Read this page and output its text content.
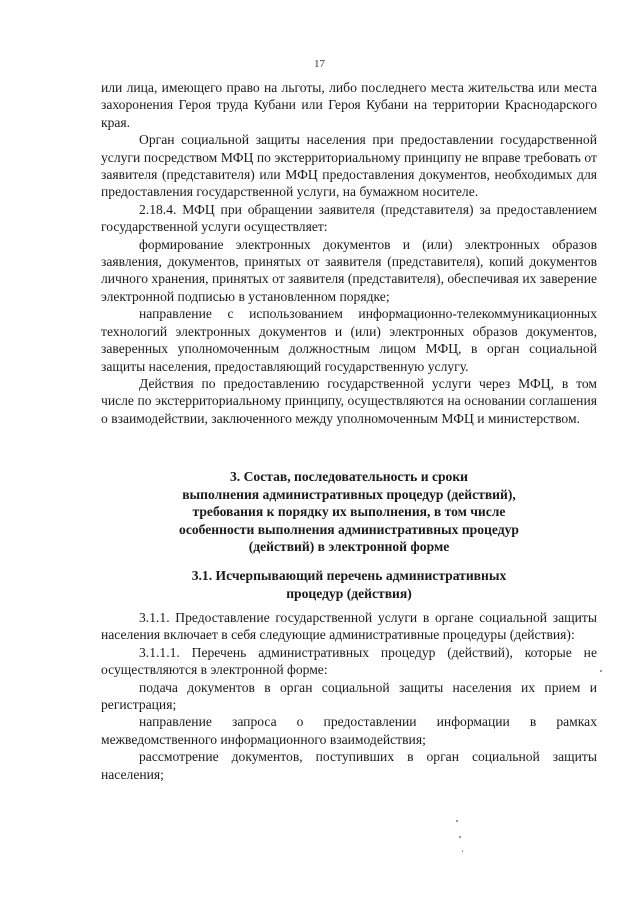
17

или лица, имеющего право на льготы, либо последнего места жительства или места захоронения Героя труда Кубани или Героя Кубани на территории Краснодарского края.

Орган социальной защиты населения при предоставлении государственной услуги посредством МФЦ по экстерриториальному принципу не вправе требовать от заявителя (представителя) или МФЦ предоставления документов, необходимых для предоставления государственной услуги, на бумажном носителе.

2.18.4. МФЦ при обращении заявителя (представителя) за предоставлением государственной услуги осуществляет:

формирование электронных документов и (или) электронных образов заявления, документов, принятых от заявителя (представителя), копий документов личного хранения, принятых от заявителя (представителя), обеспечивая их заверение электронной подписью в установленном порядке;

направление с использованием информационно-телекоммуникационных технологий электронных документов и (или) электронных образов документов, заверенных уполномоченным должностным лицом МФЦ, в орган социальной защиты населения, предоставляющий государственную услугу.

Действия по предоставлению государственной услуги через МФЦ, в том числе по экстерриториальному принципу, осуществляются на основании соглашения о взаимодействии, заключенного между уполномоченным МФЦ и министерством.

3. Состав, последовательность и сроки
выполнения административных процедур (действий),
требования к порядку их выполнения, в том числе
особенности выполнения административных процедур
(действий) в электронной форме
3.1. Исчерпывающий перечень административных
процедур (действия)

3.1.1. Предоставление государственной услуги в органе социальной защиты населения включает в себя следующие административные процедуры (действия):

3.1.1.1. Перечень административных процедур (действий), которые не осуществляются в электронной форме:

подача документов в орган социальной защиты населения их прием и регистрация;

направление запроса о предоставлении информации в рамках межведомственного информационного взаимодействия;

рассмотрение документов, поступивших в орган социальной защиты населения;
